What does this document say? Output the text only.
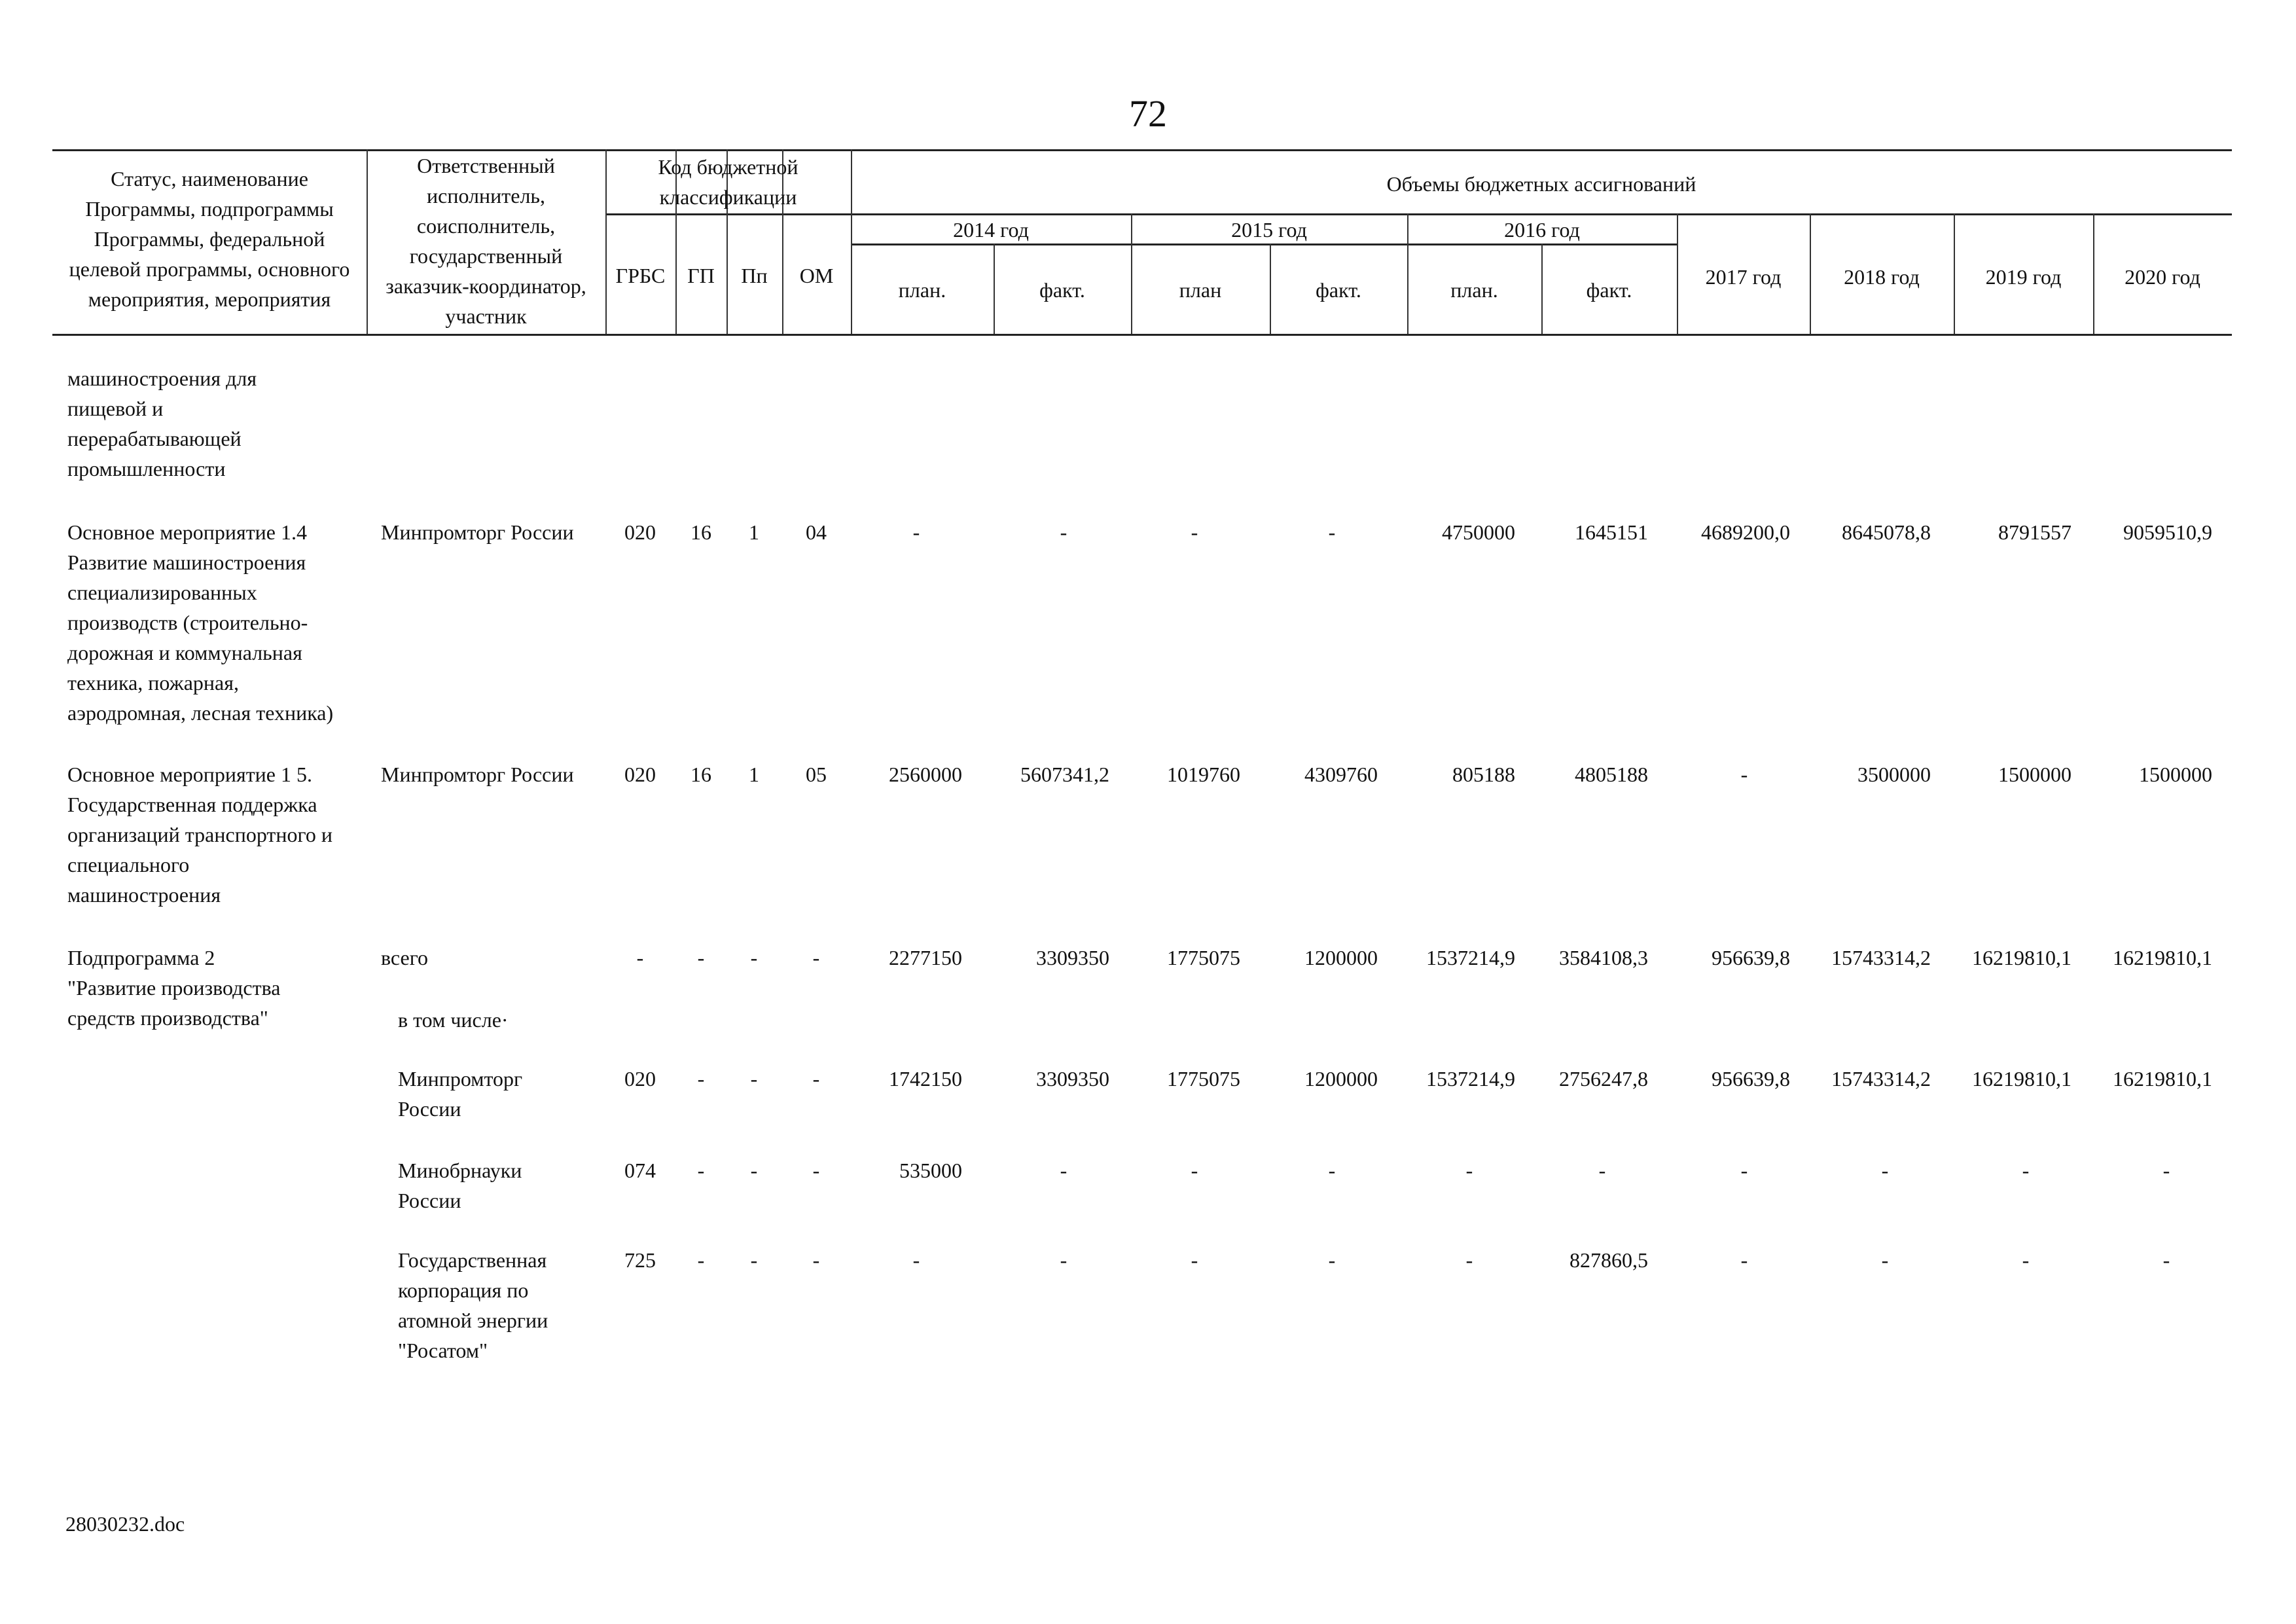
72
Статус, наименование
Программы, подпрограммы
Программы, федеральной
целевой программы, основного
мероприятия, мероприятия
Ответственный
исполнитель,
соисполнитель,
государственный
заказчик-координатор,
участник
Код бюджетной
классификации
ГРБС	ГП	Пп	ОМ
Объемы бюджетных ассигнований
2014 год	2015 год	2016 год
план.	факт.	план	факт.	план.	факт.
2017 год	2018 год	2019 год	2020 год
машиностроения для
пищевой и
перерабатывающей
промышленности
Основное мероприятие 1.4
Развитие машиностроения
специализированных
производств (строительно-
дорожная и коммунальная
техника, пожарная,
аэродромная, лесная техника)
Минпромторг России	020	16	1	04	-	-	-	-	4750000	1645151	4689200,0	8645078,8	8791557	9059510,9
Основное мероприятие 1 5.
Государственная поддержка
организаций транспортного и
специального
машиностроения
Минпромторг России	020	16	1	05	2560000	5607341,2	1019760	4309760	805188	4805188	-	3500000	1500000	1500000
Подпрограмма 2
"Развитие производства
средств производства"
всего	-	-	-	-	2277150	3309350	1775075	1200000	1537214,9	3584108,3	956639,8	15743314,2	16219810,1	16219810,1
в том числе·
Минпромторг
России
020	-	-	-	1742150	3309350	1775075	1200000	1537214,9	2756247,8	956639,8	15743314,2	16219810,1	16219810,1
Минобрнауки
России
074	-	-	-	535000	-	-	-	-	-	-	-	-	-
Государственная
корпорация по
атомной энергии
"Росатом"
725	-	-	-	-	-	-	-	-	827860,5	-	-	-	-
28030232.doc
